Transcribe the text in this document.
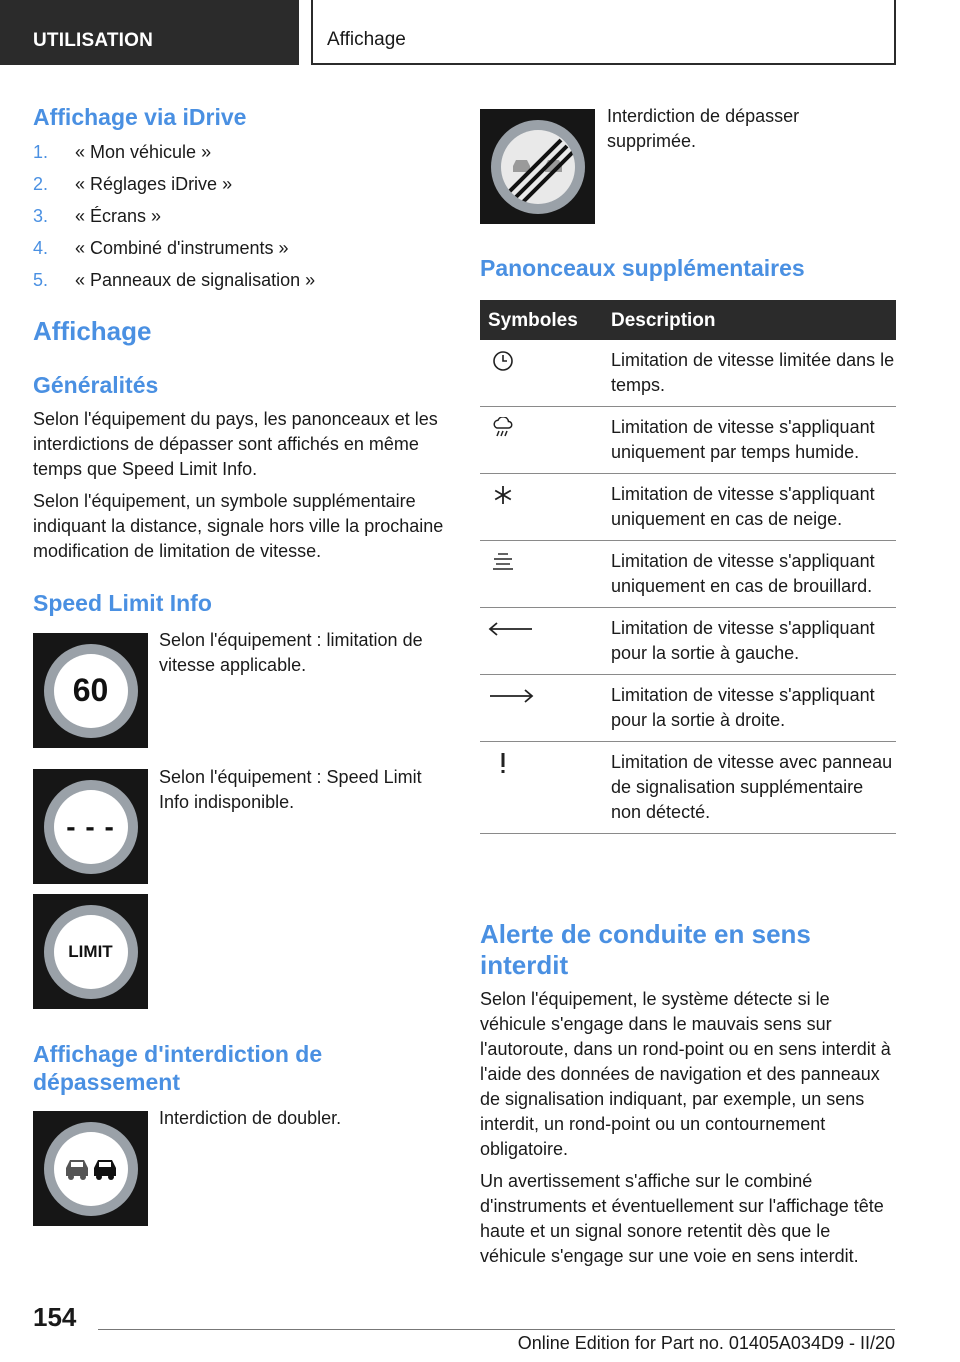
UTILISATION	Affichage
Affichage via iDrive
1. « Mon véhicule »
2. « Réglages iDrive »
3. « Écrans »
4. « Combiné d'instruments »
5. « Panneaux de signalisation »
Affichage
Généralités

Selon l'équipement du pays, les panonceaux et les interdictions de dépasser sont affichés en même temps que Speed Limit Info.

Selon l'équipement, un symbole supplémentaire indiquant la distance, signale hors ville la prochaine modification de limitation de vitesse.

Speed Limit Info
60

Selon l'équipement : limitation de vitesse applicable.

- - -

Selon l'équipement : Speed Limit Info indisponible.

LIMIT
Affichage d'interdiction de dépassement

Interdiction de doubler.

Interdiction de dépasser supprimée.

Panonceaux supplémentaires
Symboles Description
Limitation de vitesse limitée dans le temps.
Limitation de vitesse s'appliquant uniquement par temps humide.
Limitation de vitesse s'appliquant uniquement en cas de neige.
Limitation de vitesse s'appliquant uniquement en cas de brouillard.
Limitation de vitesse s'appliquant pour la sortie à gauche.
Limitation de vitesse s'appliquant pour la sortie à droite.
Limitation de vitesse avec panneau de signalisation supplémentaire non détecté.
Alerte de conduite en sens interdit

Selon l'équipement, le système détecte si le véhicule s'engage dans le mauvais sens sur l'autoroute, dans un rond-point ou en sens interdit à l'aide des données de navigation et des panneaux de signalisation indiquant, par exemple, un sens interdit, un rond-point ou un contournement obligatoire.

Un avertissement s'affiche sur le combiné d'instruments et éventuellement sur l'affichage tête haute et un signal sonore retentit dès que le véhicule s'engage sur une voie en sens interdit.

154
Online Edition for Part no. 01405A034D9 - II/20
